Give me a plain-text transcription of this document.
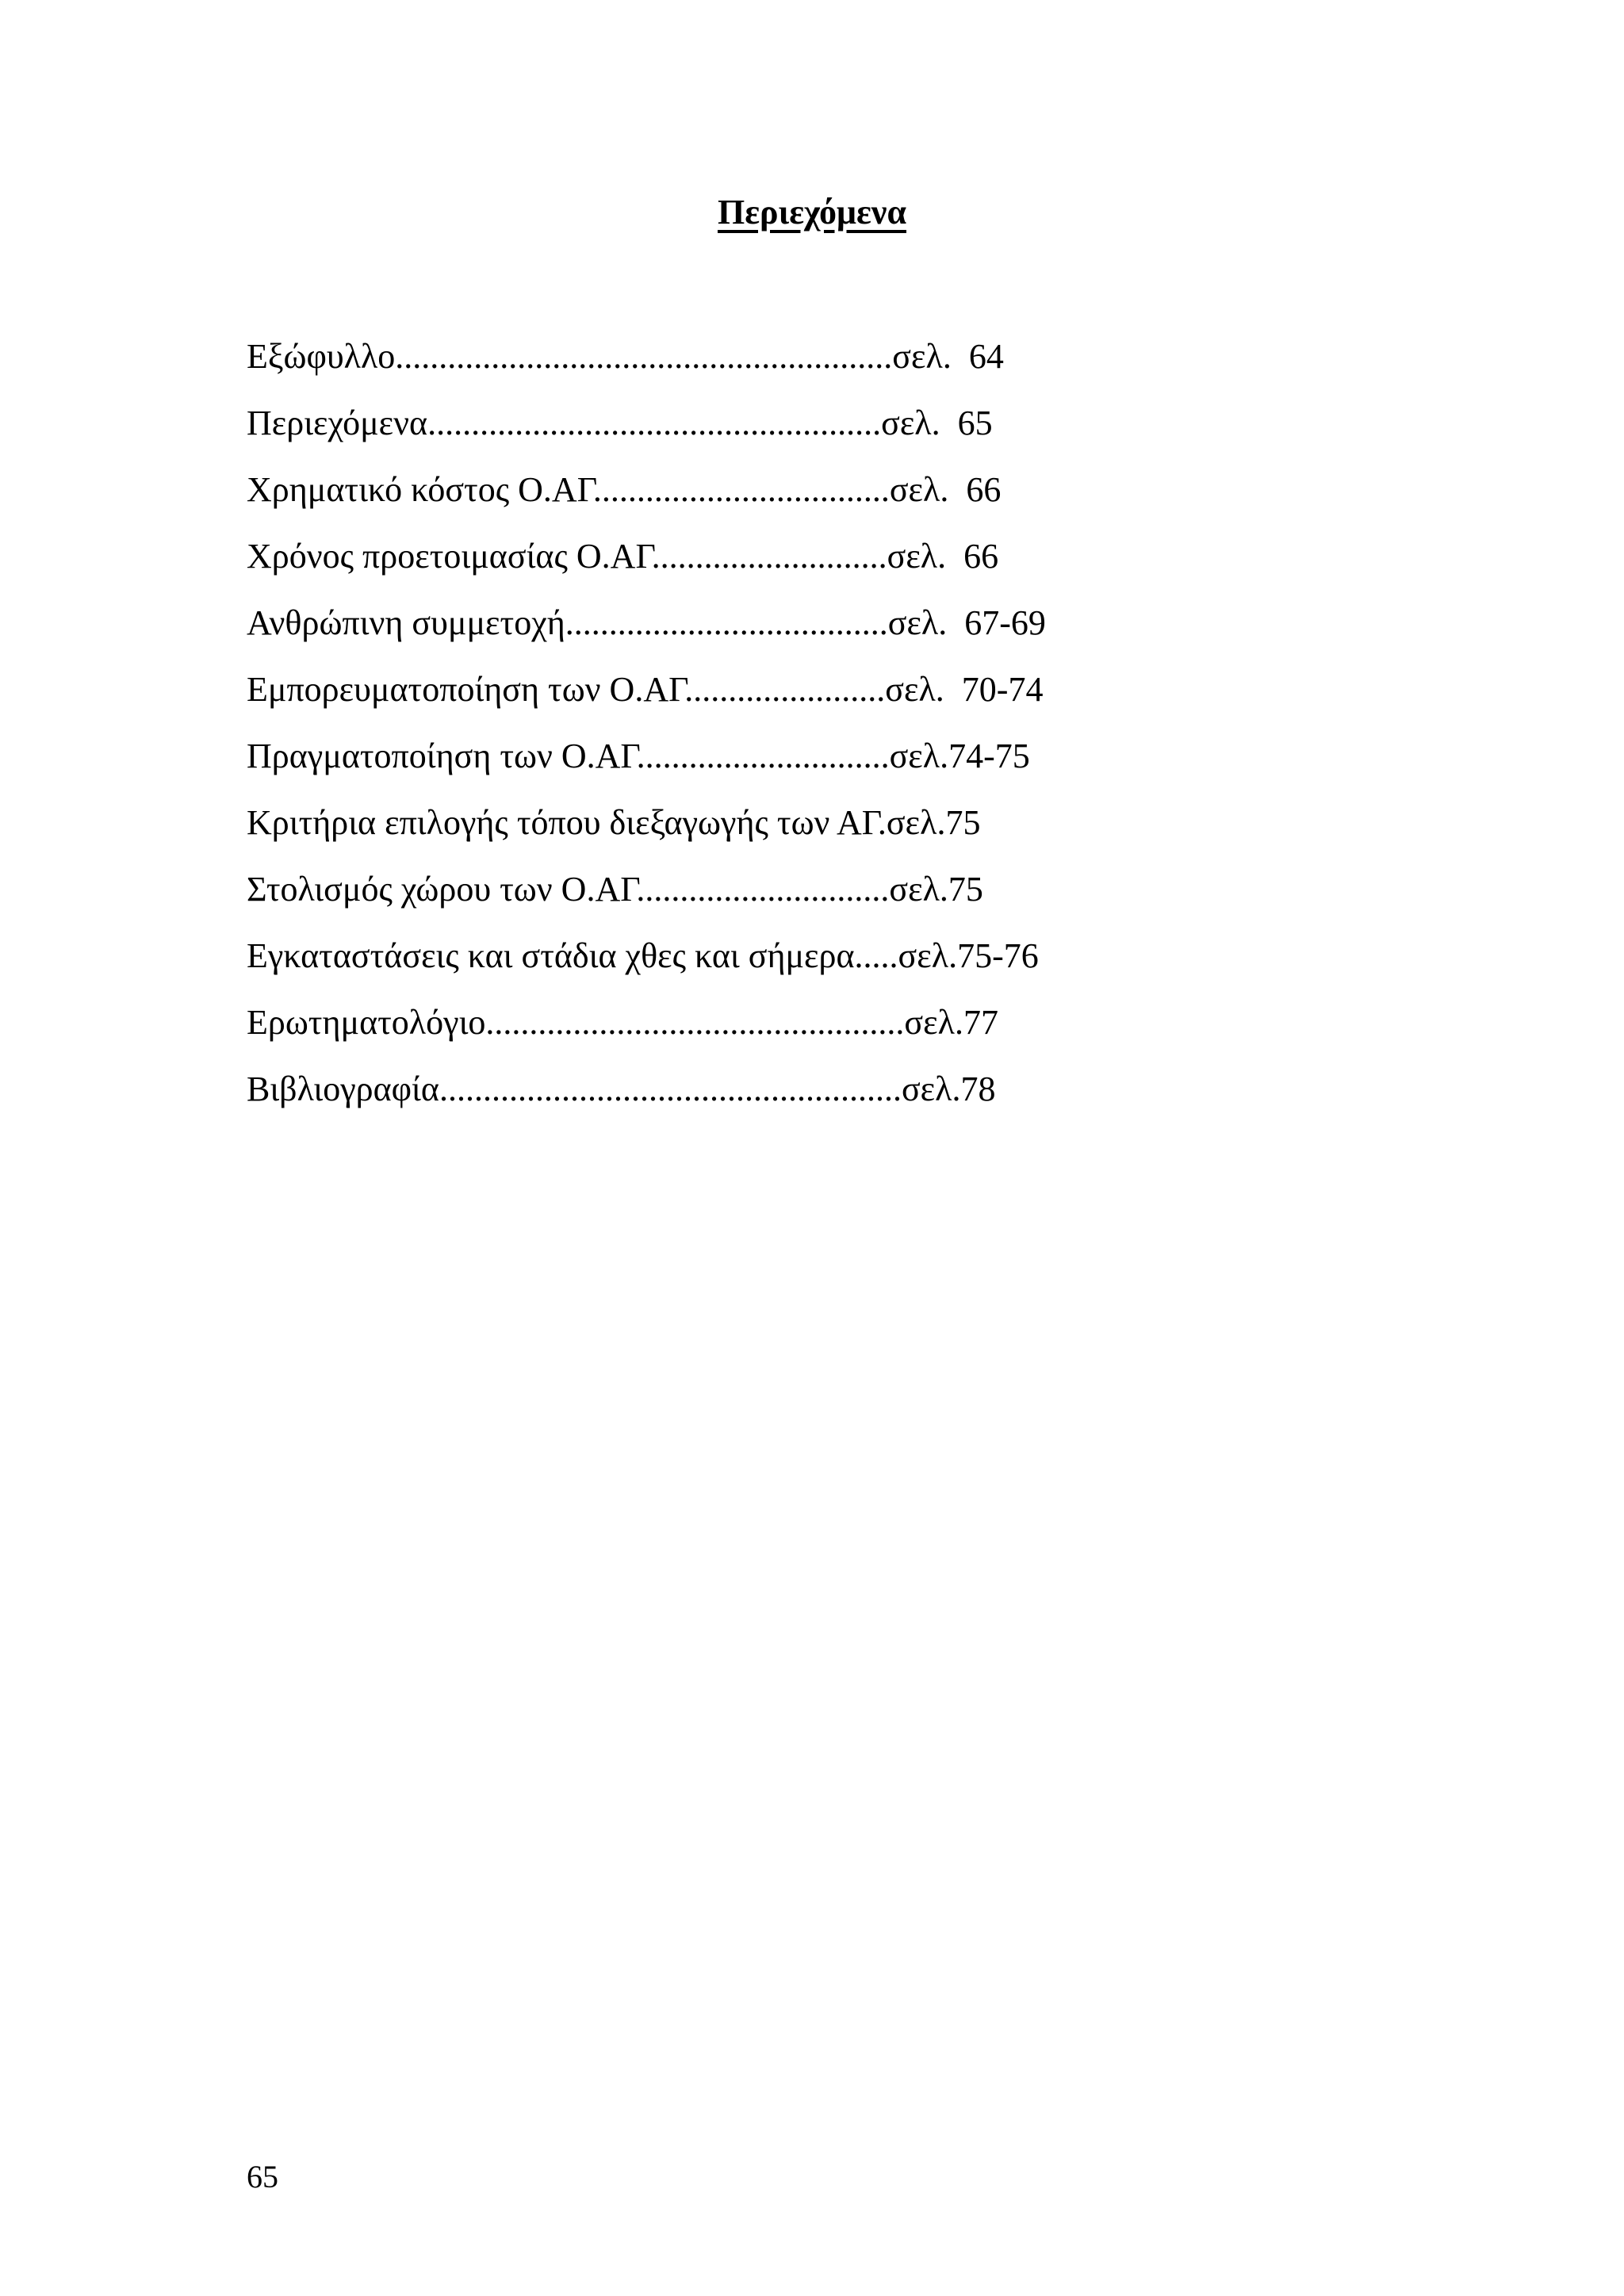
Περιεχόμενα
Εξώφυλλο.........................................................σελ.  64
Περιεχόμενα....................................................σελ.  65
Χρηματικό κόστος Ο.ΑΓ..................................σελ.  66
Χρόνος προετοιμασίας Ο.ΑΓ...........................σελ.  66
Ανθρώπινη συμμετοχή.....................................σελ.  67-69
Εμπορευματοποίηση των Ο.ΑΓ.......................σελ.  70-74
Πραγματοποίηση των Ο.ΑΓ.............................σελ.74-75
Κριτήρια επιλογής τόπου διεξαγωγής των ΑΓ.σελ.75
Στολισμός χώρου των Ο.ΑΓ.............................σελ.75
Εγκαταστάσεις και στάδια χθες και σήμερα.....σελ.75-76
Ερωτηματολόγιο................................................σελ.77
Βιβλιογραφία.....................................................σελ.78
65
